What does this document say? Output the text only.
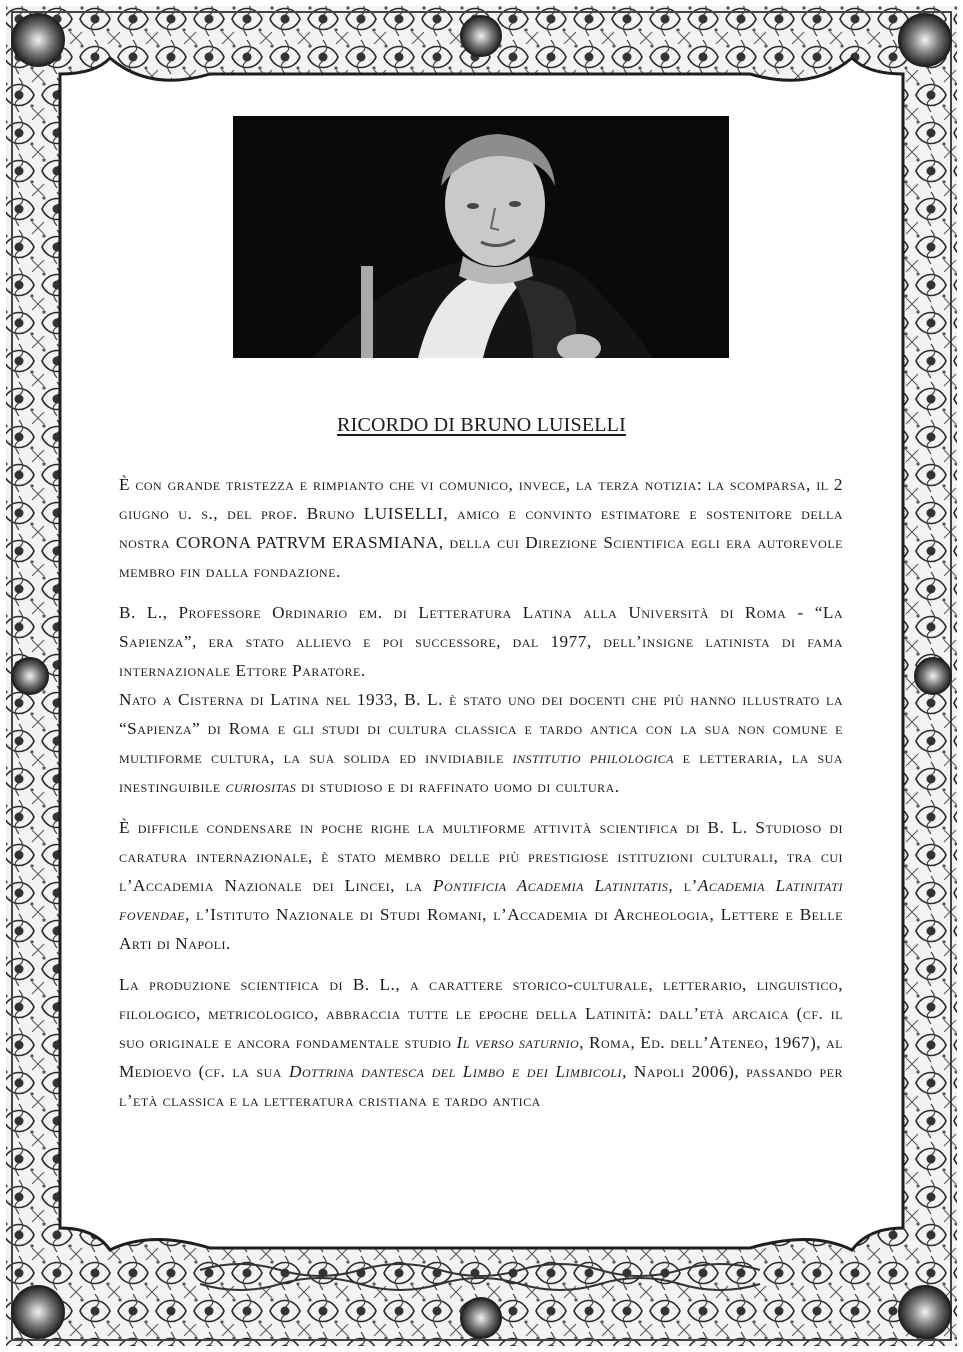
RICORDO DI BRUNO LUISELLI

È con grande tristezza e rimpianto che vi comunico, invece, la terza notizia: la scomparsa, il 2 giugno u. s., del prof. Bruno LUISELLI, amico e convinto estimatore e sostenitore della nostra CORONA PATRVM ERASMIANA, della cui Direzione Scientifica egli era autorevole membro fin dalla fondazione.

B. L., Professore Ordinario em. di Letteratura Latina alla Università di Roma - “La Sapienza”, era stato allievo e poi successore, dal 1977, dell’insigne latinista di fama internazionale Ettore Paratore.

Nato a Cisterna di Latina nel 1933, B. L. è stato uno dei docenti che più hanno illustrato la “Sapienza” di Roma e gli studi di cultura classica e tardo antica con la sua non comune e multiforme cultura, la sua solida ed invidiabile institutio philologica e letteraria, la sua inestinguibile curiositas di studioso e di raffinato uomo di cultura.

È difficile condensare in poche righe la multiforme attività scientifica di B. L. Studioso di caratura internazionale, è stato membro delle più prestigiose istituzioni culturali, tra cui l’Accademia Nazionale dei Lincei, la Pontificia Academia Latinitatis, l’Academia Latinitati fovendae, l’Istituto Nazionale di Studi Romani, l’Accademia di Archeologia, Lettere e Belle Arti di Napoli.

La produzione scientifica di B. L., a carattere storico-culturale, letterario, linguistico, filologico, metricologico, abbraccia tutte le epoche della Latinità: dall’età arcaica (cf. il suo originale e ancora fondamentale studio Il verso saturnio, Roma, Ed. dell’Ateneo, 1967), al Medioevo (cf. la sua Dottrina dantesca del Limbo e dei Limbicoli, Napoli 2006), passando per l’età classica e la letteratura cristiana e tardo antica
